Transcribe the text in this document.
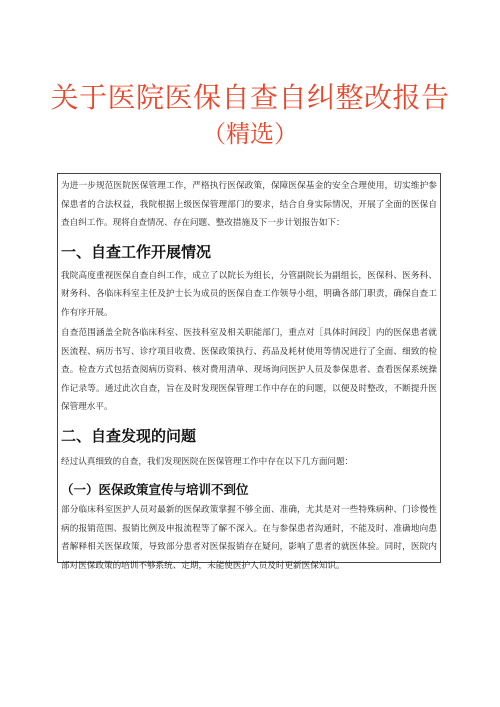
关于医院医保自查自纠整改报告
（精选）

为进一步规范医院医保管理工作，严格执行医保政策，保障医保基金的安全合理使用，切实维护参保患者的合法权益，我院根据上级医保管理部门的要求，结合自身实际情况，开展了全面的医保自查自纠工作。现将自查情况、存在问题、整改措施及下一步计划报告如下：

一、自查工作开展情况

我院高度重视医保自查自纠工作，成立了以院长为组长，分管副院长为副组长，医保科、医务科、财务科、各临床科室主任及护士长为成员的医保自查工作领导小组，明确各部门职责，确保自查工作有序开展。

自查范围涵盖全院各临床科室、医技科室及相关职能部门，重点对［具体时间段］内的医保患者就医流程、病历书写、诊疗项目收费、医保政策执行、药品及耗材使用等情况进行了全面、细致的检查。检查方式包括查阅病历资料、核对费用清单、现场询问医护人员及参保患者、查看医保系统操作记录等。通过此次自查，旨在及时发现医保管理工作中存在的问题，以便及时整改，不断提升医保管理水平。

二、自查发现的问题

经过认真细致的自查，我们发现医院在医保管理工作中存在以下几方面问题：

（一）医保政策宣传与培训不到位

部分临床科室医护人员对最新的医保政策掌握不够全面、准确，尤其是对一些特殊病种、门诊慢性病的报销范围、报销比例及申报流程等了解不深入。在与参保患者沟通时，不能及时、准确地向患者解释相关医保政策，导致部分患者对医保报销存在疑问，影响了患者的就医体验。同时，医院内部对医保政策的培训不够系统、定期，未能使医护人员及时更新医保知识。
